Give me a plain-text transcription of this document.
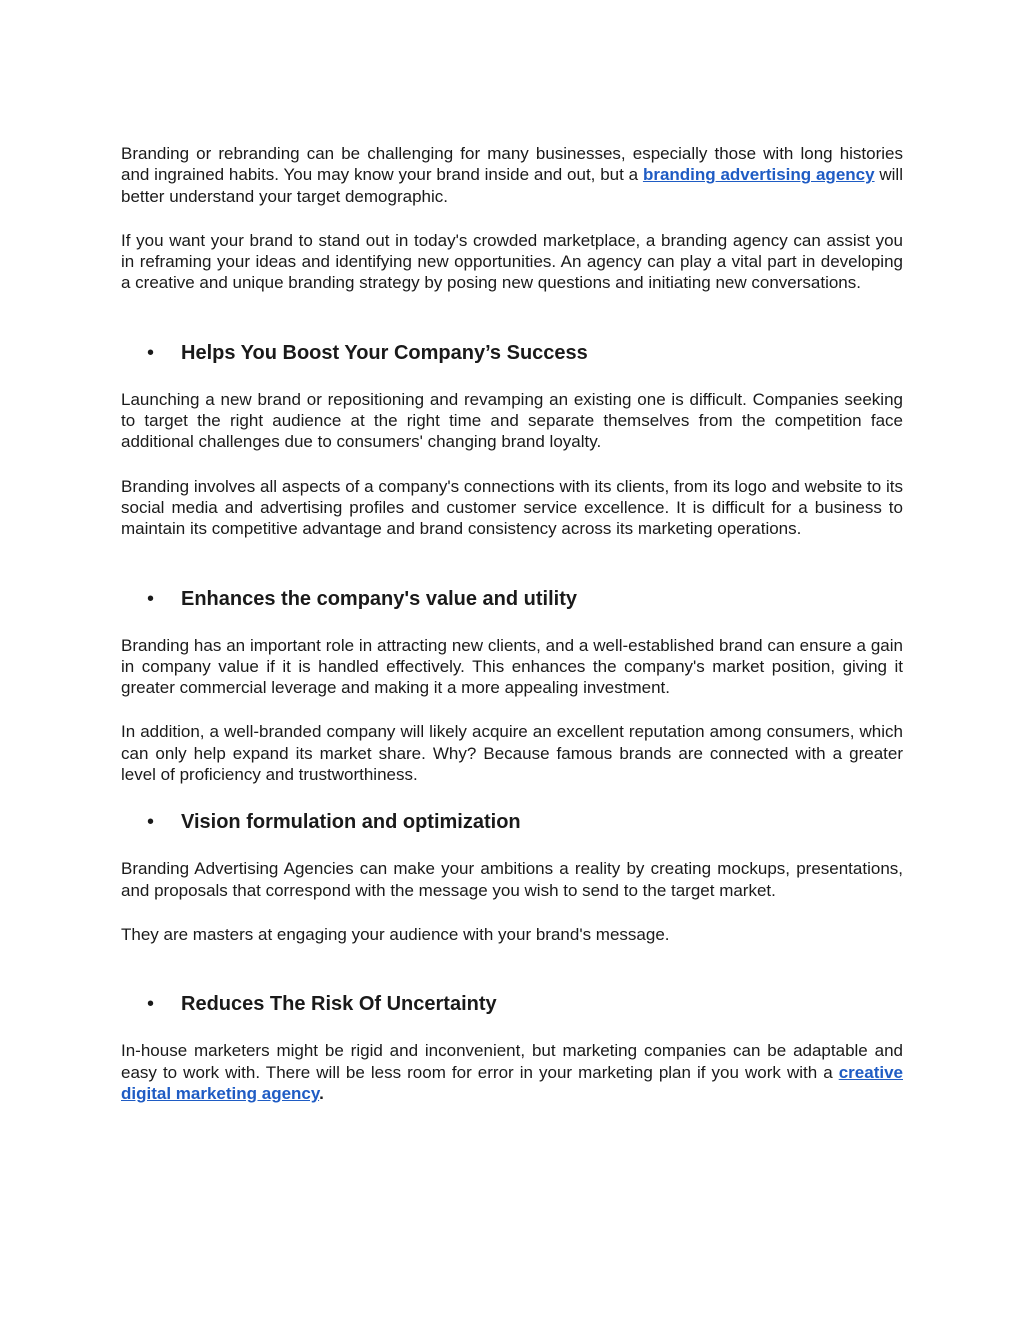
Branding or rebranding can be challenging for many businesses, especially those with long histories and ingrained habits. You may know your brand inside and out, but a branding advertising agency will better understand your target demographic.

If you want your brand to stand out in today's crowded marketplace, a branding agency can assist you in reframing your ideas and identifying new opportunities. An agency can play a vital part in developing a creative and unique branding strategy by posing new questions and initiating new conversations.

• Helps You Boost Your Company’s Success

Launching a new brand or repositioning and revamping an existing one is difficult. Companies seeking to target the right audience at the right time and separate themselves from the competition face additional challenges due to consumers' changing brand loyalty.

Branding involves all aspects of a company's connections with its clients, from its logo and website to its social media and advertising profiles and customer service excellence. It is difficult for a business to maintain its competitive advantage and brand consistency across its marketing operations.

• Enhances the company's value and utility

Branding has an important role in attracting new clients, and a well-established brand can ensure a gain in company value if it is handled effectively. This enhances the company's market position, giving it greater commercial leverage and making it a more appealing investment.

In addition, a well-branded company will likely acquire an excellent reputation among consumers, which can only help expand its market share. Why? Because famous brands are connected with a greater level of proficiency and trustworthiness.

• Vision formulation and optimization

Branding Advertising Agencies can make your ambitions a reality by creating mockups, presentations, and proposals that correspond with the message you wish to send to the target market.

They are masters at engaging your audience with your brand's message.

• Reduces The Risk Of Uncertainty

In-house marketers might be rigid and inconvenient, but marketing companies can be adaptable and easy to work with. There will be less room for error in your marketing plan if you work with a creative digital marketing agency.
